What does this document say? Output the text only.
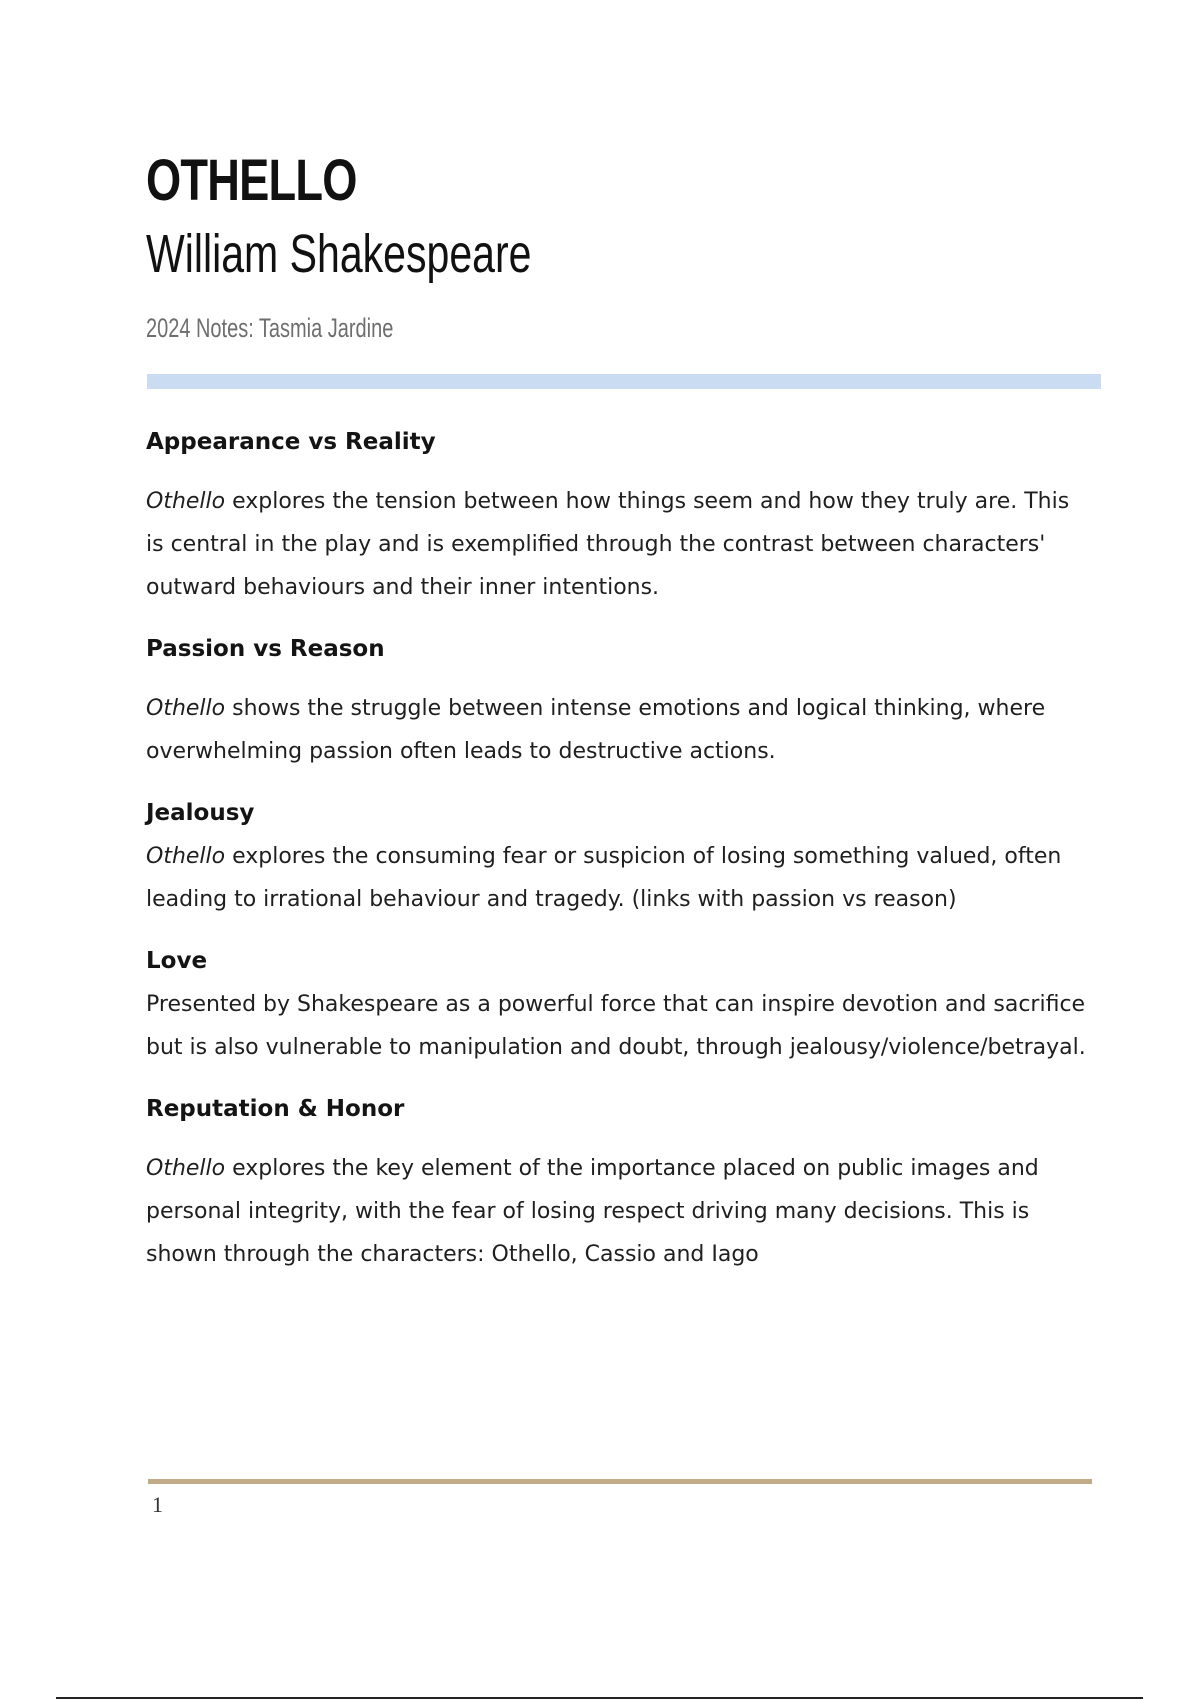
OTHELLO
William Shakespeare
2024 Notes: Tasmia Jardine
Appearance vs Reality

Othello explores the tension between how things seem and how they truly are. This is central in the play and is exemplified through the contrast between characters' outward behaviours and their inner intentions.

Passion vs Reason

Othello shows the struggle between intense emotions and logical thinking, where overwhelming passion often leads to destructive actions.

Jealousy

Othello explores the consuming fear or suspicion of losing something valued, often leading to irrational behaviour and tragedy. (links with passion vs reason)

Love

Presented by Shakespeare as a powerful force that can inspire devotion and sacrifice but is also vulnerable to manipulation and doubt, through jealousy/violence/betrayal.

Reputation & Honor

Othello explores the key element of the importance placed on public images and personal integrity, with the fear of losing respect driving many decisions. This is shown through the characters: Othello, Cassio and Iago

1
